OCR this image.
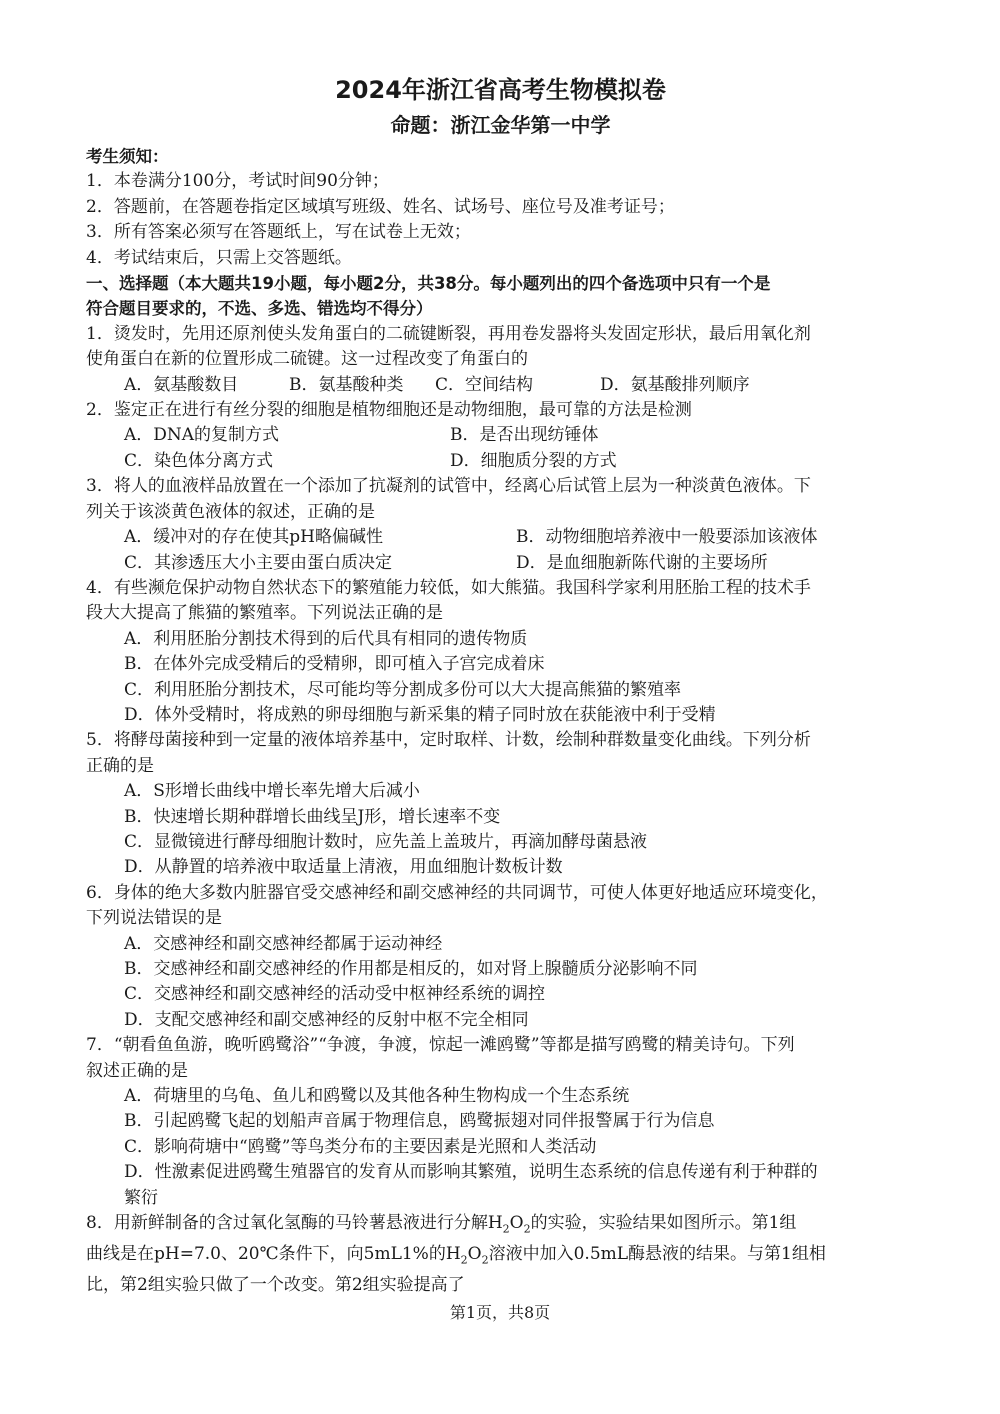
2024年浙江省高考生物模拟卷
命题：浙江金华第一中学

考生须知：

1．本卷满分100分，考试时间90分钟；

2．答题前，在答题卷指定区域填写班级、姓名、试场号、座位号及准考证号；

3．所有答案必须写在答题纸上，写在试卷上无效；

4．考试结束后，只需上交答题纸。

一、选择题（本大题共19小题，每小题2分，共38分。每小题列出的四个备选项中只有一个是

符合题目要求的，不选、多选、错选均不得分）

1．烫发时，先用还原剂使头发角蛋白的二硫键断裂，再用卷发器将头发固定形状，最后用氧化剂

使角蛋白在新的位置形成二硫键。这一过程改变了角蛋白的

A．氨基酸数目	B．氨基酸种类	C．空间结构	D．氨基酸排列顺序

2．鉴定正在进行有丝分裂的细胞是植物细胞还是动物细胞，最可靠的方法是检测

A．DNA的复制方式	B．是否出现纺锤体
C．染色体分离方式	D．细胞质分裂的方式

3．将人的血液样品放置在一个添加了抗凝剂的试管中，经离心后试管上层为一种淡黄色液体。下

列关于该淡黄色液体的叙述，正确的是

A．缓冲对的存在使其pH略偏碱性	B．动物细胞培养液中一般要添加该液体
C．其渗透压大小主要由蛋白质决定	D．是血细胞新陈代谢的主要场所

4．有些濒危保护动物自然状态下的繁殖能力较低，如大熊猫。我国科学家利用胚胎工程的技术手

段大大提高了熊猫的繁殖率。下列说法正确的是

A．利用胚胎分割技术得到的后代具有相同的遗传物质
B．在体外完成受精后的受精卵，即可植入子宫完成着床
C．利用胚胎分割技术，尽可能均等分割成多份可以大大提高熊猫的繁殖率
D．体外受精时，将成熟的卵母细胞与新采集的精子同时放在获能液中利于受精

5．将酵母菌接种到一定量的液体培养基中，定时取样、计数，绘制种群数量变化曲线。下列分析

正确的是

A．S形增长曲线中增长率先增大后减小
B．快速增长期种群增长曲线呈J形，增长速率不变
C．显微镜进行酵母细胞计数时，应先盖上盖玻片，再滴加酵母菌悬液
D．从静置的培养液中取适量上清液，用血细胞计数板计数

6．身体的绝大多数内脏器官受交感神经和副交感神经的共同调节，可使人体更好地适应环境变化，

下列说法错误的是

A．交感神经和副交感神经都属于运动神经
B．交感神经和副交感神经的作用都是相反的，如对肾上腺髓质分泌影响不同
C．交感神经和副交感神经的活动受中枢神经系统的调控
D．支配交感神经和副交感神经的反射中枢不完全相同

7．“朝看鱼鱼游，晚听鸥鹭浴”“争渡，争渡，惊起一滩鸥鹭”等都是描写鸥鹭的精美诗句。下列

叙述正确的是

A．荷塘里的乌龟、鱼儿和鸥鹭以及其他各种生物构成一个生态系统
B．引起鸥鹭飞起的划船声音属于物理信息，鸥鹭振翅对同伴报警属于行为信息
C．影响荷塘中“鸥鹭”等鸟类分布的主要因素是光照和人类活动
D．性激素促进鸥鹭生殖器官的发育从而影响其繁殖，说明生态系统的信息传递有利于种群的
繁衍

8．用新鲜制备的含过氧化氢酶的马铃薯悬液进行分解$H_2O_2$的实验，实验结果如图所示。第1组

曲线是在pH=7.0、20℃条件下，向5mL1%的$H_2O_2$溶液中加入0.5mL酶悬液的结果。与第1组相

比，第2组实验只做了一个改变。第2组实验提高了

第1页，共8页
